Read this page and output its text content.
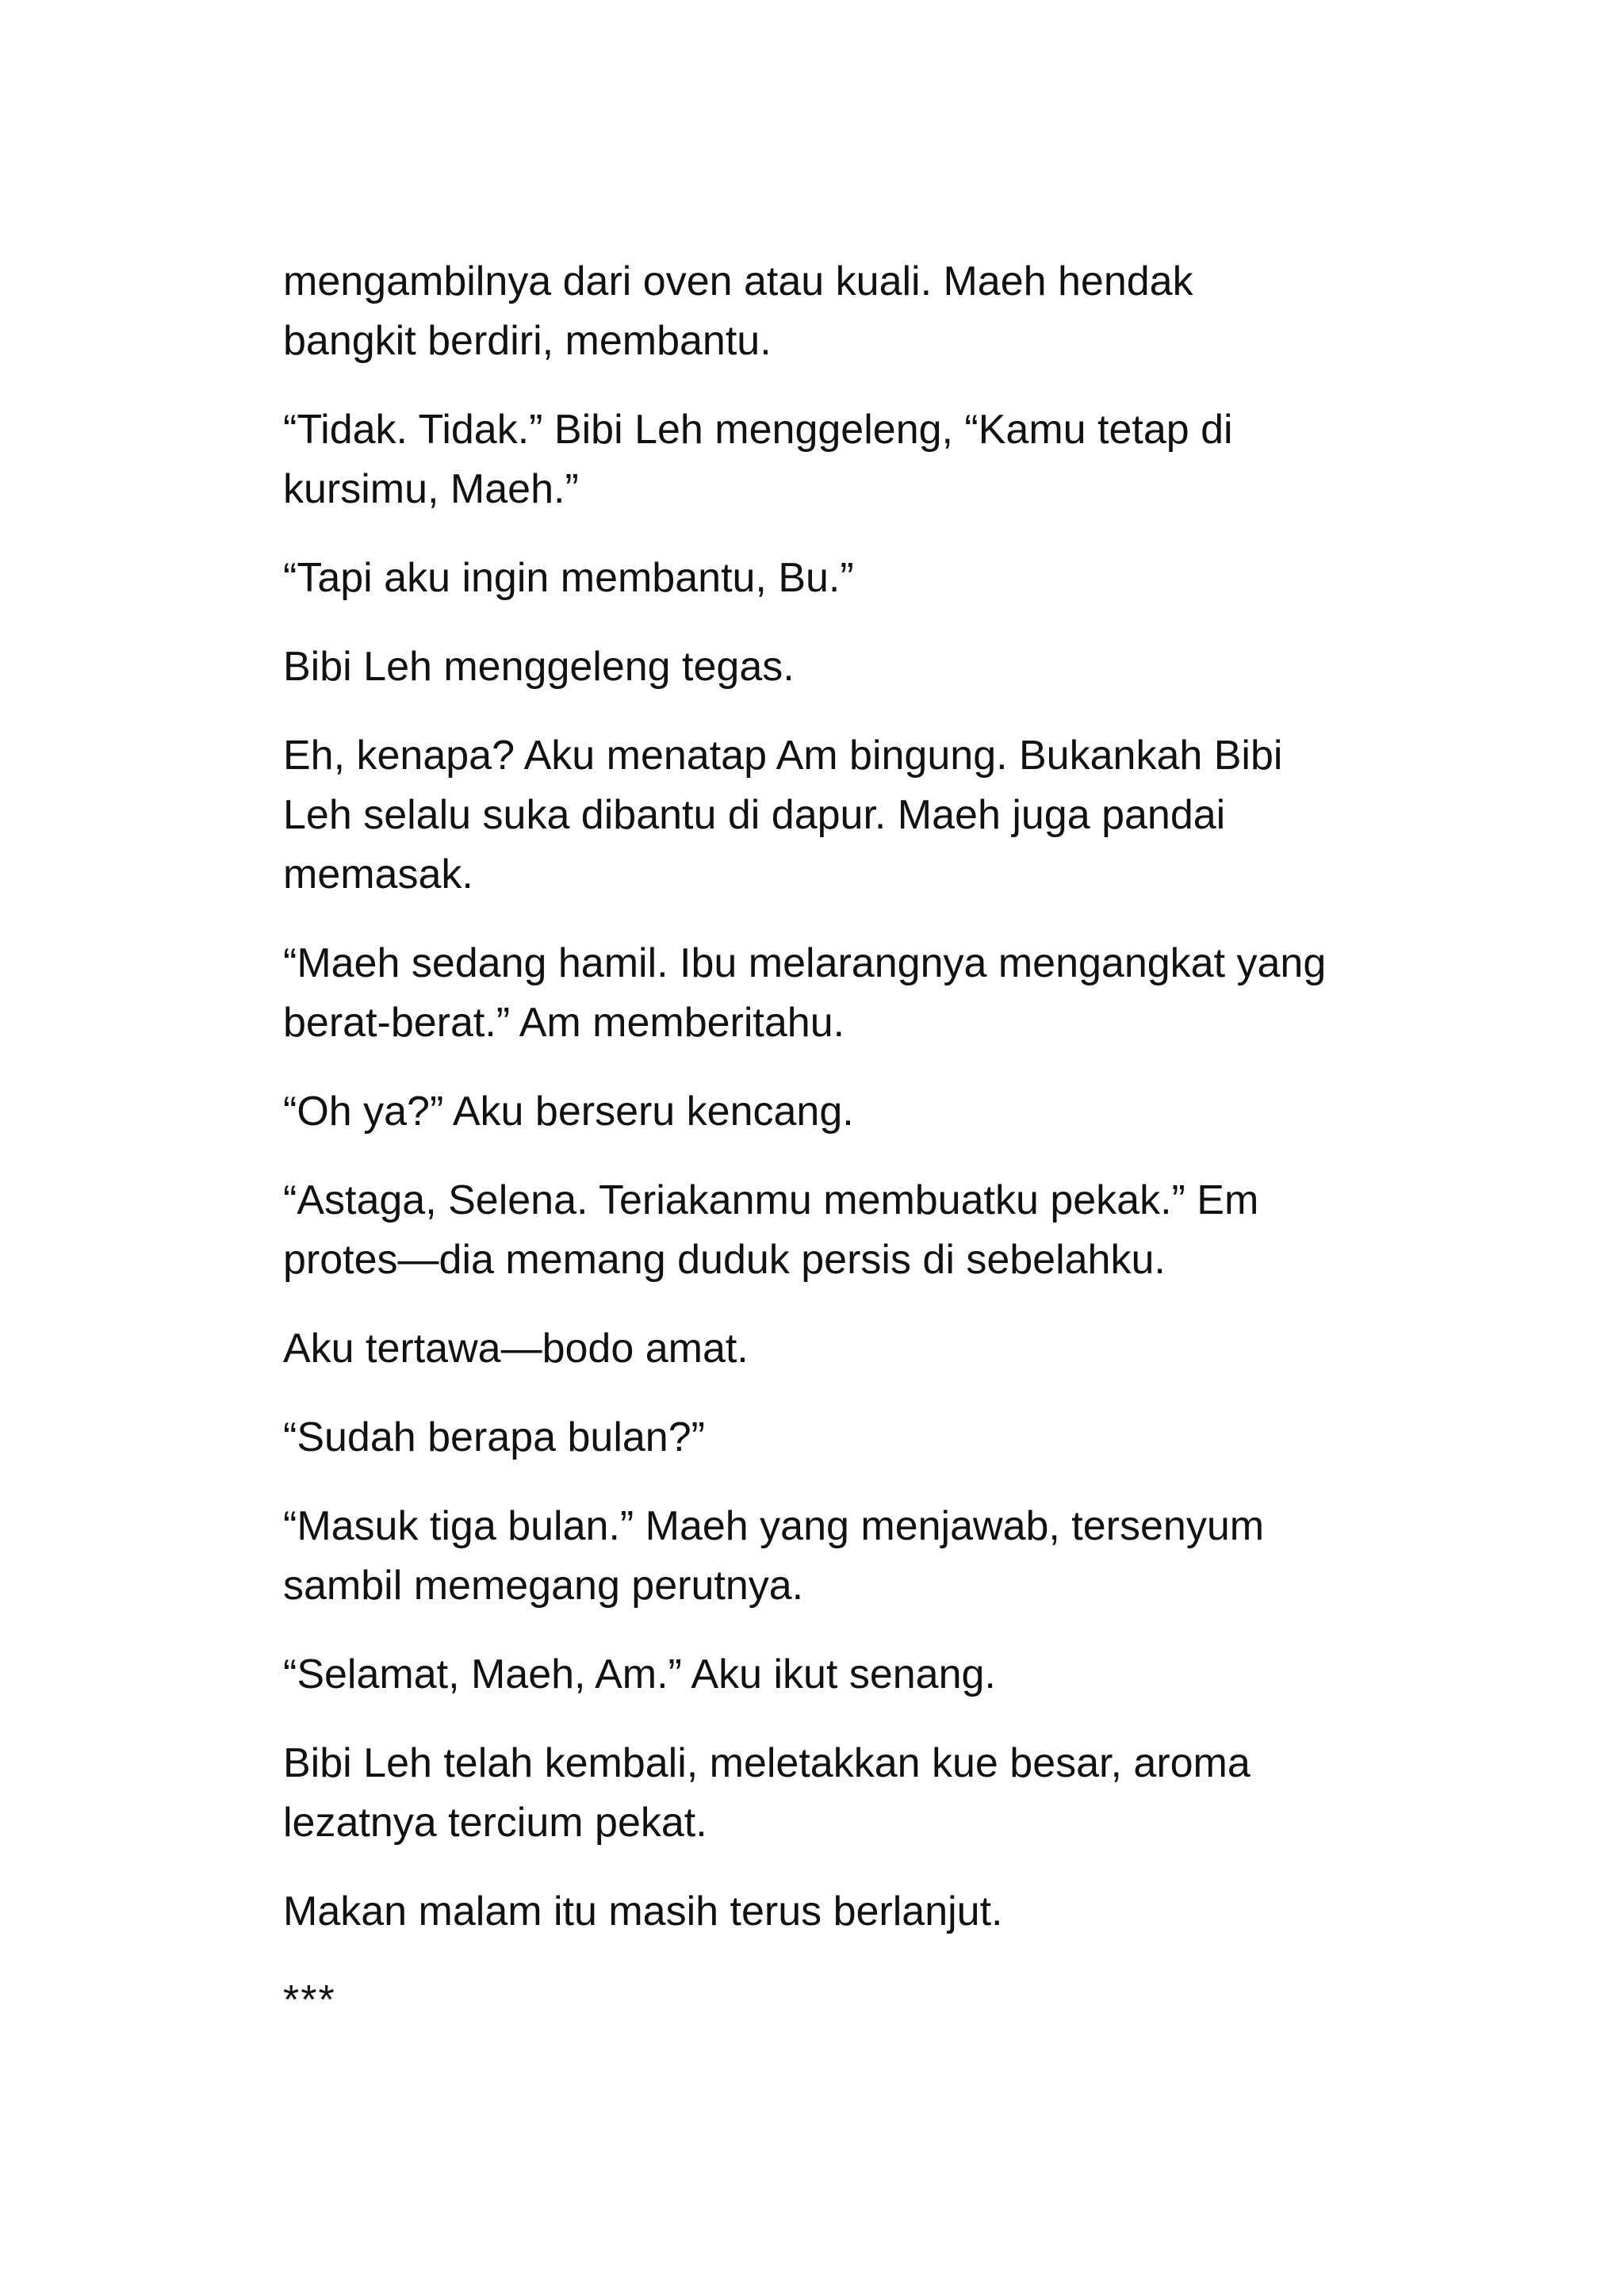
mengambilnya dari oven atau kuali. Maeh hendak
bangkit berdiri, membantu.

“Tidak. Tidak.” Bibi Leh menggeleng, “Kamu tetap di
kursimu, Maeh.”

“Tapi aku ingin membantu, Bu.”

Bibi Leh menggeleng tegas.

Eh, kenapa? Aku menatap Am bingung. Bukankah Bibi
Leh selalu suka dibantu di dapur. Maeh juga pandai
memasak.

“Maeh sedang hamil. Ibu melarangnya mengangkat yang
berat-berat.” Am memberitahu.

“Oh ya?” Aku berseru kencang.

“Astaga, Selena. Teriakanmu membuatku pekak.” Em
protes—dia memang duduk persis di sebelahku.

Aku tertawa—bodo amat.

“Sudah berapa bulan?”

“Masuk tiga bulan.” Maeh yang menjawab, tersenyum
sambil memegang perutnya.

“Selamat, Maeh, Am.” Aku ikut senang.

Bibi Leh telah kembali, meletakkan kue besar, aroma
lezatnya tercium pekat.

Makan malam itu masih terus berlanjut.

***
